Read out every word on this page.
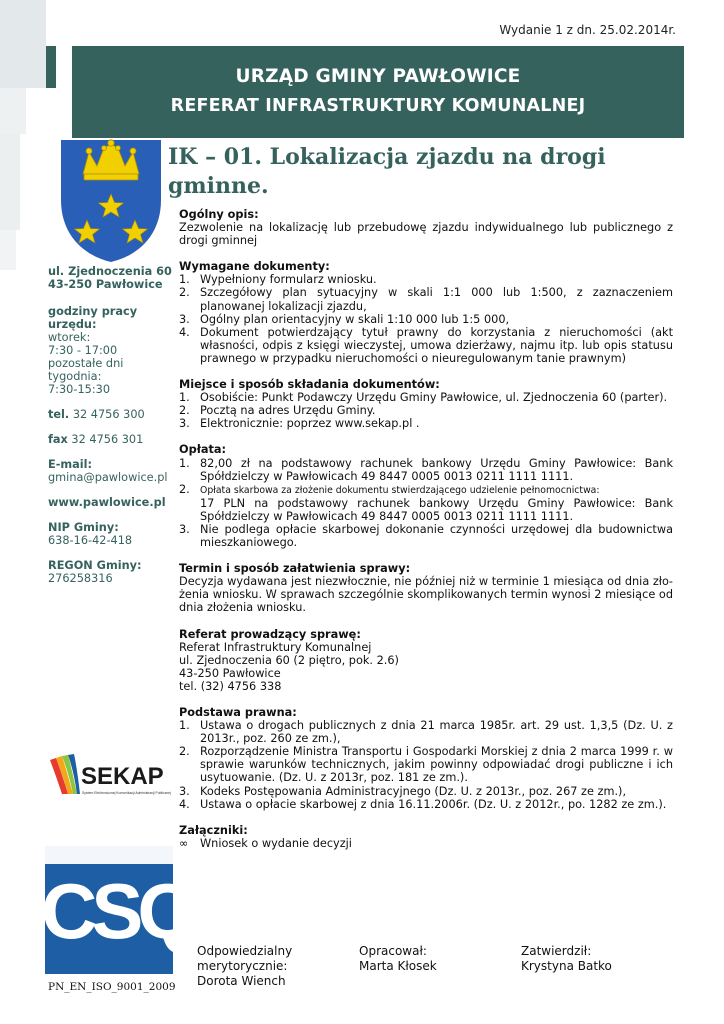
Wydanie 1 z dn. 25.02.2014r.
URZĄD GMINY PAWŁOWICE
REFERAT INFRASTRUKTURY KOMUNALNEJ
IK – 01. Lokalizacja zjazdu na drogi
gminne.
ul. Zjednoczenia 60
43-250 Pawłowice
godziny pracy
urzędu:
wtorek:
7:30 - 17:00
pozostałe dni
tygodnia:
7:30-15:30
tel. 32 4756 300
fax 32 4756 301
E-mail:
gmina@pawlowice.pl
www.pawlowice.pl
NIP Gminy:
638-16-42-418
REGON Gminy:
276258316
Ogólny opis:

Zezwolenie na lokalizację lub przebudowę zjazdu indywidualnego lub publicznego z drogi gminnej

Wymagane dokumenty:
1. Wypełniony formularz wniosku.
2. Szczegółowy plan sytuacyjny w skali 1:1 000 lub 1:500, z zaznaczeniem planowanej lokalizacji zjazdu,
3. Ogólny plan orientacyjny w skali 1:10 000 lub 1:5 000,
4. Dokument potwierdzający tytuł prawny do korzystania z nieruchomości (akt własności, odpis z księgi wieczystej, umowa dzierżawy, najmu itp. lub opis statusu prawnego w przypadku nieruchomości o nieuregulowanym tanie prawnym)
Miejsce i sposób składania dokumentów:
1. Osobiście: Punkt Podawczy Urzędu Gminy Pawłowice, ul. Zjednoczenia 60 (parter).
2. Pocztą na adres Urzędu Gminy.
3. Elektronicznie: poprzez www.sekap.pl .
Opłata:
1. 82,00 zł na podstawowy rachunek bankowy Urzędu Gminy Pawłowice: Bank Spółdzielczy w Pawłowicach 49 8447 0005 0013 0211 1111 1111.
2. Opłata skarbowa za złożenie dokumentu stwierdzającego udzielenie pełnomocnictwa:
17 PLN na podstawowy rachunek bankowy Urzędu Gminy Pawłowice: Bank Spółdzielczy w Pawłowicach 49 8447 0005 0013 0211 1111 1111.
3. Nie podlega opłacie skarbowej dokonanie czynności urzędowej dla budownictwa mieszkaniowego.
Termin i sposób załatwienia sprawy:

Decyzja wydawana jest niezwłocznie, nie później niż w terminie 1 miesiąca od dnia złożenia wniosku. W sprawach szczególnie skomplikowanych termin wynosi 2 miesiące od dnia złożenia wniosku.

Referat prowadzący sprawę:
Referat Infrastruktury Komunalnej
ul. Zjednoczenia 60 (2 piętro, pok. 2.6)
43-250 Pawłowice
tel. (32) 4756 338
Podstawa prawna:
1. Ustawa o drogach publicznych z dnia 21 marca 1985r. art. 29 ust. 1,3,5 (Dz. U. z 2013r., poz. 260 ze zm.),
2. Rozporządzenie Ministra Transportu i Gospodarki Morskiej z dnia 2 marca 1999 r. w sprawie warunków technicznych, jakim powinny odpowiadać drogi publiczne i ich usytuowanie. (Dz. U. z 2013r, poz. 181 ze zm.).
3. Kodeks Postępowania Administracyjnego (Dz. U. z 2013r., poz. 267 ze zm.),
4. Ustawa o opłacie skarbowej z dnia 16.11.2006r. (Dz. U. z 2012r., po. 1282 ze zm.).
Załączniki:
∞ Wniosek o wydanie decyzji
SEKAP
System Elektronicznej Komunikacji Administracji Publicznej
CSQ
PN_EN_ISO_9001_2009
Odpowiedzialny
merytorycznie:
Dorota Wiench
Opracował:
Marta Kłosek
Zatwierdził:
Krystyna Batko
